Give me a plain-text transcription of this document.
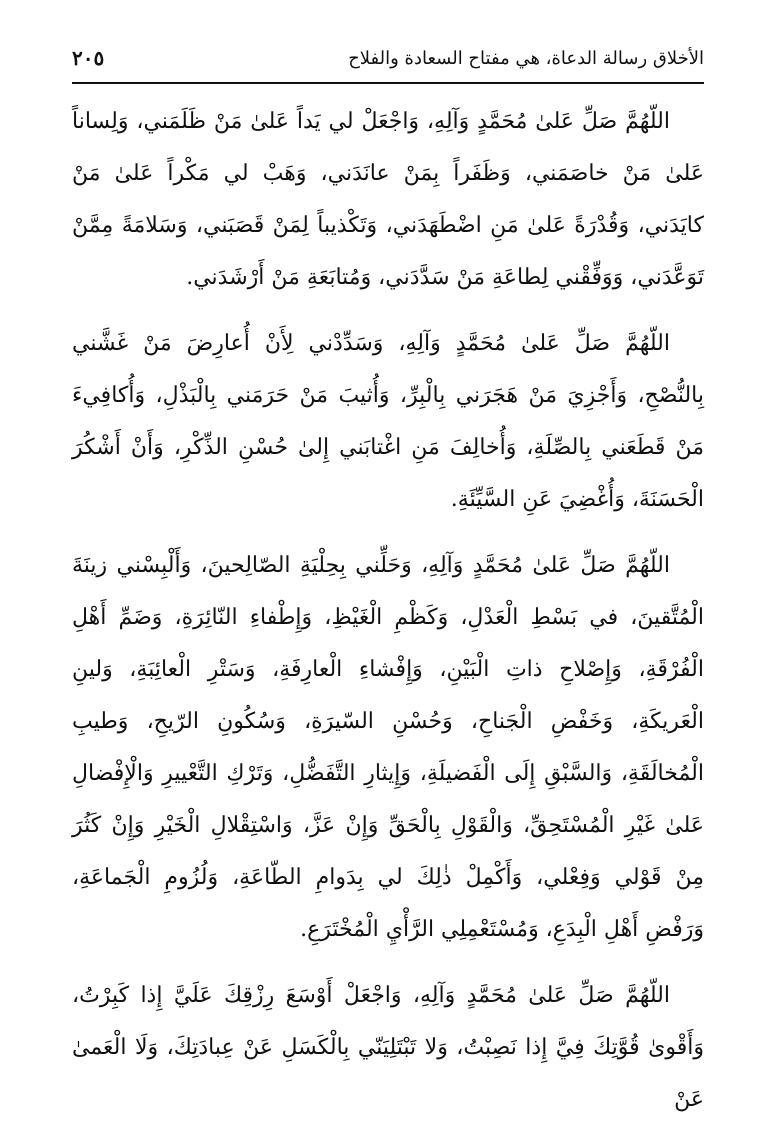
الأخلاق رسالة الدعاة، هي مفتاح السعادة والفلاح
٢٠٥

اللّهُمَّ صَلِّ عَلىٰ مُحَمَّدٍ وَآلِهِ، وَاجْعَلْ لي يَداً عَلىٰ مَنْ ظَلَمَني، وَلِساناً عَلىٰ مَنْ خاصَمَني، وَظَفَراً بِمَنْ عانَدَني، وَهَبْ لي مَكْراً عَلىٰ مَنْ كايَدَني، وَقُدْرَةً عَلىٰ مَنِ اضْطَهَدَني، وَتَكْذيباً لِمَنْ قَصَبَني، وَسَلامَةً مِمَّنْ تَوَعَّدَني، وَوَفِّقْني لِطاعَةِ مَنْ سَدَّدَني، وَمُتابَعَةِ مَنْ أَرْشَدَني.

اللّهُمَّ صَلِّ عَلىٰ مُحَمَّدٍ وَآلِهِ، وَسَدِّدْني لِأَنْ أُعارِضَ مَنْ غَشَّني بِالنُّصْحِ، وَأَجْزِيَ مَنْ هَجَرَني بِالْبِرِّ، وَأُثيبَ مَنْ حَرَمَني بِالْبَذْلِ، وَأُكافِيءَ مَنْ قَطَعَني بِالصِّلَةِ، وَأُخالِفَ مَنِ اغْتابَني إِلىٰ حُسْنِ الذِّكْرِ، وَأَنْ أَشْكُرَ الْحَسَنَةَ، وَأُغْضِيَ عَنِ السَّيِّئَةِ.

اللّهُمَّ صَلِّ عَلىٰ مُحَمَّدٍ وَآلِهِ، وَحَلِّني بِحِلْيَةِ الصّالِحينَ، وَأَلْبِسْني زينَةَ الْمُتَّقينَ، في بَسْطِ الْعَدْلِ، وَكَظْمِ الْغَيْظِ، وَإِطْفاءِ النّائِرَةِ، وَضَمِّ أَهْلِ الْفُرْقَةِ، وَإِصْلاحِ ذاتِ الْبَيْنِ، وَإِفْشاءِ الْعارِفَةِ، وَسَتْرِ الْعائِبَةِ، وَلينِ الْعَريكَةِ، وَخَفْضِ الْجَناحِ، وَحُسْنِ السّيرَةِ، وَسُكُونِ الرّيحِ، وَطيبِ الْمُخالَقَةِ، وَالسَّبْقِ إِلَى الْفَضيلَةِ، وَإِيثارِ التَّفَضُّلِ، وَتَرْكِ التَّعْييرِ وَالْإِفْضالِ عَلىٰ غَيْرِ الْمُسْتَحِقِّ، وَالْقَوْلِ بِالْحَقِّ وَإِنْ عَزَّ، وَاسْتِقْلالِ الْخَيْرِ وَإِنْ كَثُرَ مِنْ قَوْلي وَفِعْلي، وَأَكْمِلْ ذٰلِكَ لي بِدَوامِ الطّاعَةِ، وَلُزُومِ الْجَماعَةِ، وَرَفْضِ أَهْلِ الْبِدَعِ، وَمُسْتَعْمِلِي الرَّأْيِ الْمُخْتَرَعِ.

اللّهُمَّ صَلِّ عَلىٰ مُحَمَّدٍ وَآلِهِ، وَاجْعَلْ أَوْسَعَ رِزْقِكَ عَلَيَّ إِذا كَبِرْتُ، وَأَقْوىٰ قُوَّتِكَ فِيَّ إِذا نَصِبْتُ، وَلا تَبْتَلِيَنّي بِالْكَسَلِ عَنْ عِبادَتِكَ، وَلَا الْعَمىٰ عَنْ
